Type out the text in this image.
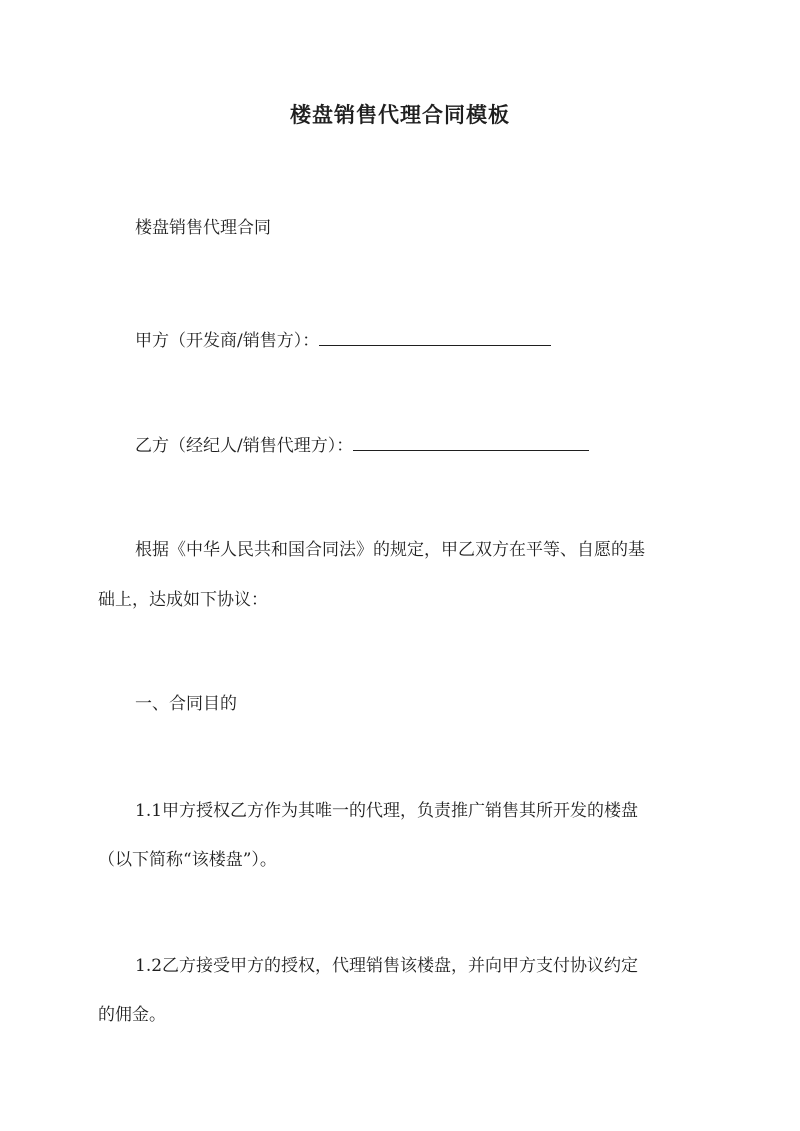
楼盘销售代理合同模板

楼盘销售代理合同

甲方（开发商/销售方）：

乙方（经纪人/销售代理方）：

根据《中华人民共和国合同法》的规定，甲乙双方在平等、自愿的基

础上，达成如下协议：

一、合同目的

1.1甲方授权乙方作为其唯一的代理，负责推广销售其所开发的楼盘

（以下简称“该楼盘”）。

1.2乙方接受甲方的授权，代理销售该楼盘，并向甲方支付协议约定

的佣金。
